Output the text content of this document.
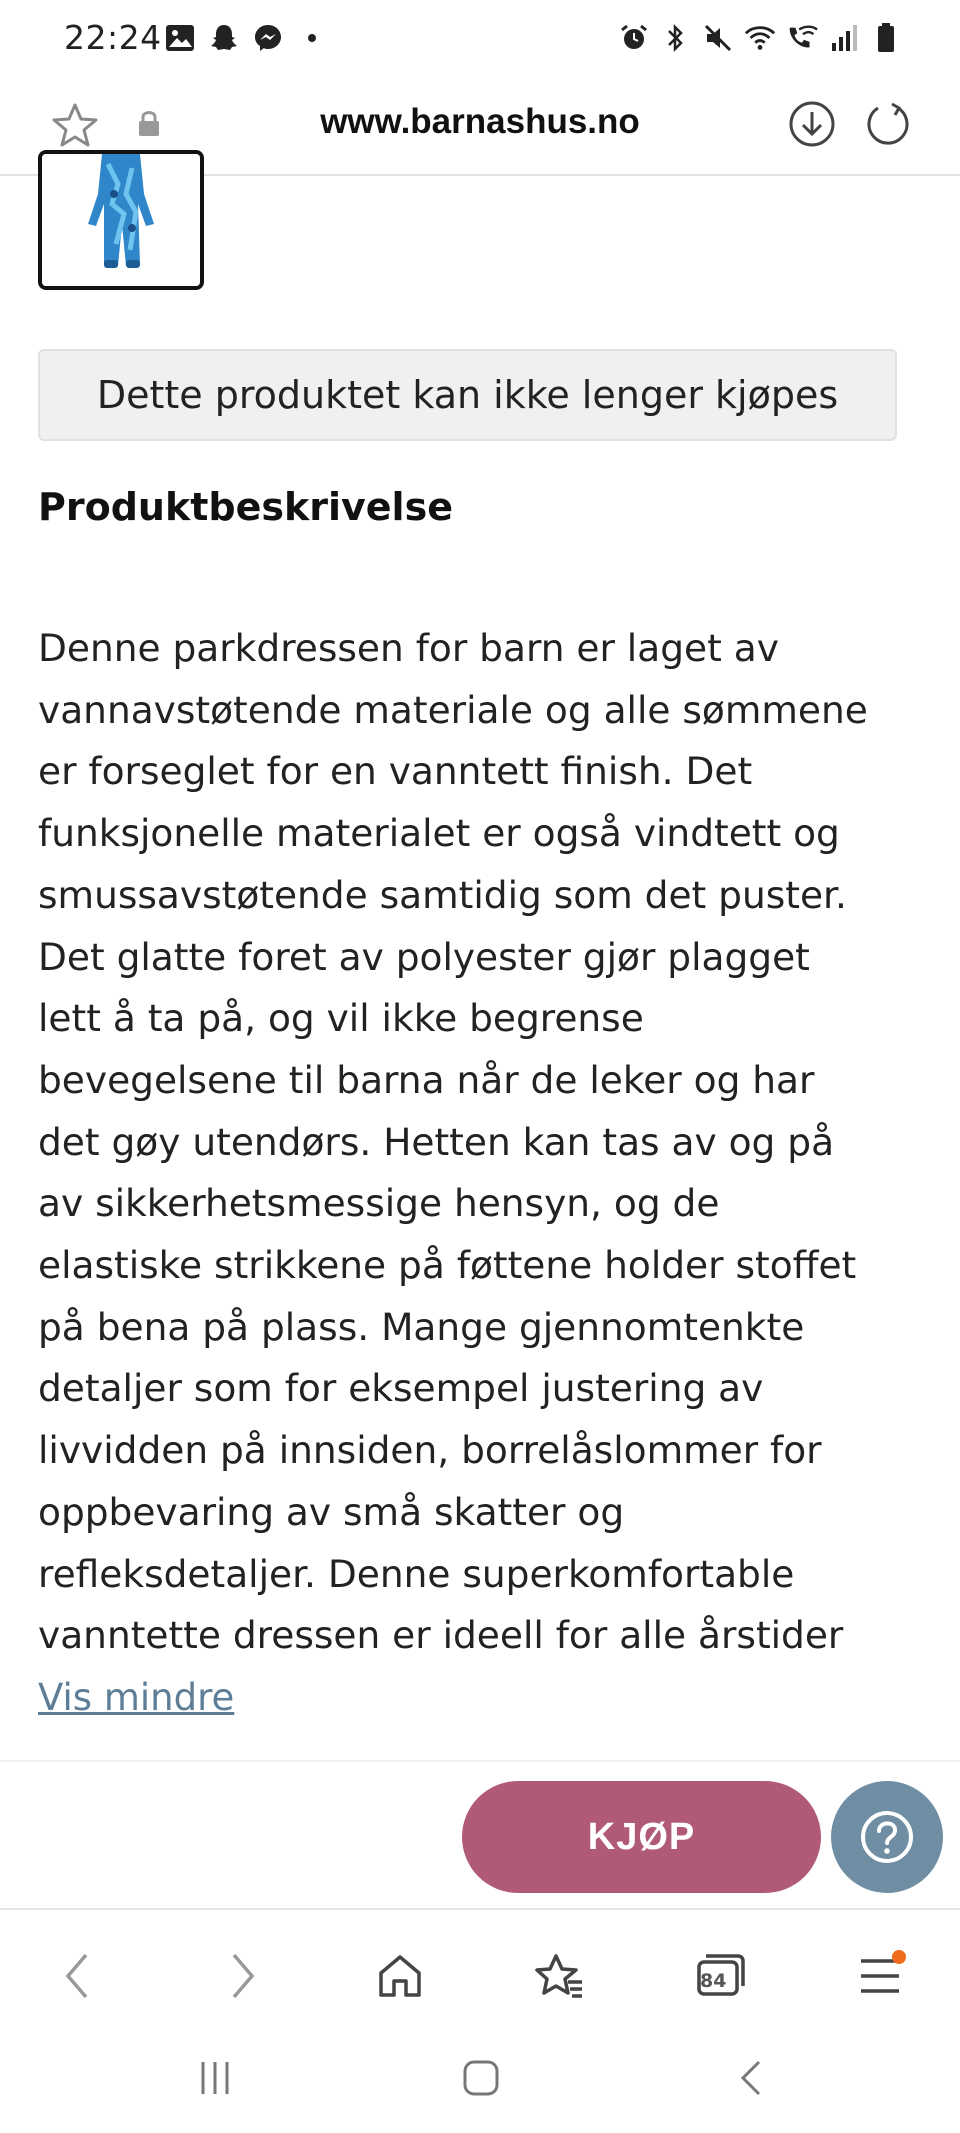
22:24
www.barnashus.no
Dette produktet kan ikke lenger kjøpes
Produktbeskrivelse
Denne parkdressen for barn er laget av
vannavstøtende materiale og alle sømmene
er forseglet for en vanntett finish. Det
funksjonelle materialet er også vindtett og
smussavstøtende samtidig som det puster.
Det glatte foret av polyester gjør plagget
lett å ta på, og vil ikke begrense
bevegelsene til barna når de leker og har
det gøy utendørs. Hetten kan tas av og på
av sikkerhetsmessige hensyn, og de
elastiske strikkene på føttene holder stoffet
på bena på plass. Mange gjennomtenkte
detaljer som for eksempel justering av
livvidden på innsiden, borrelåslommer for
oppbevaring av små skatter og
refleksdetaljer. Denne superkomfortable
vanntette dressen er ideell for alle årstider
Vis mindre
KJØP
84
